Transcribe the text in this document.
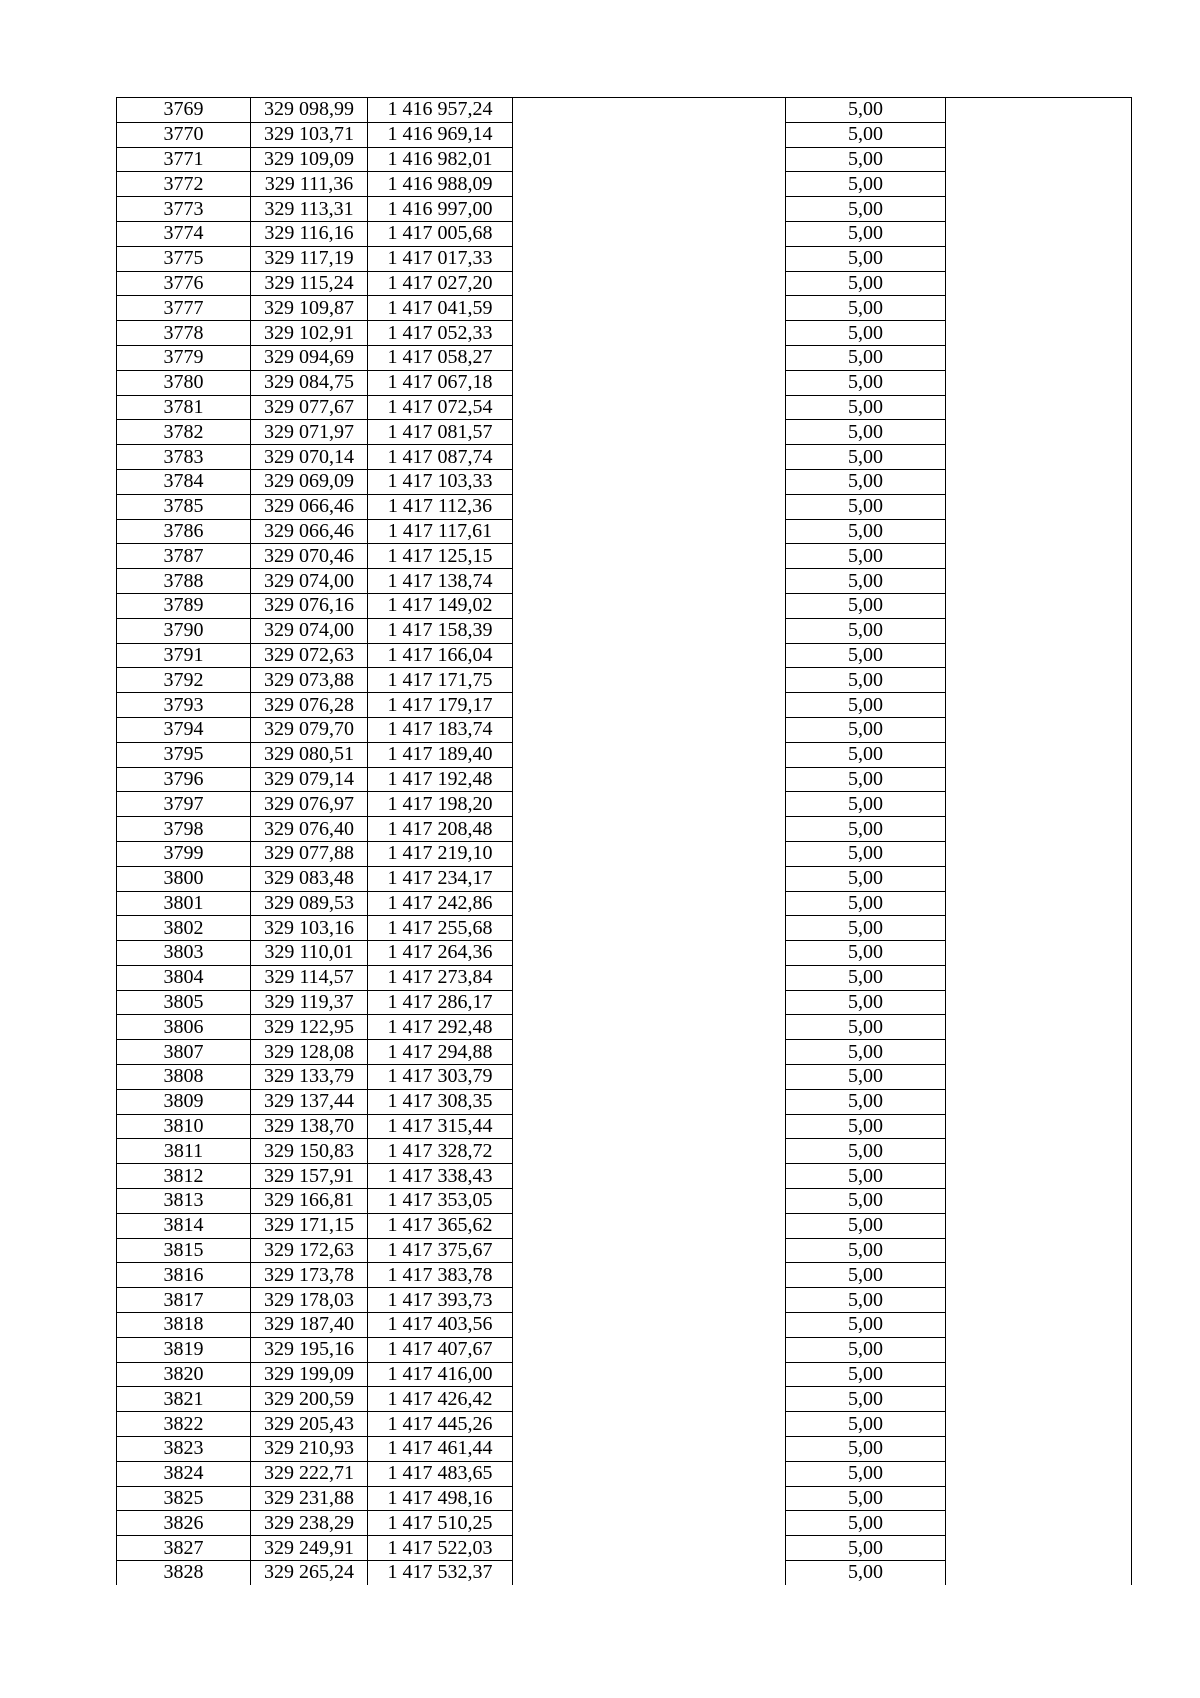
3769	329 098,99	1 416 957,24		5,00	
3770	329 103,71	1 416 969,14		5,00	
3771	329 109,09	1 416 982,01		5,00	
3772	329 111,36	1 416 988,09		5,00	
3773	329 113,31	1 416 997,00		5,00	
3774	329 116,16	1 417 005,68		5,00	
3775	329 117,19	1 417 017,33		5,00	
3776	329 115,24	1 417 027,20		5,00	
3777	329 109,87	1 417 041,59		5,00	
3778	329 102,91	1 417 052,33		5,00	
3779	329 094,69	1 417 058,27		5,00	
3780	329 084,75	1 417 067,18		5,00	
3781	329 077,67	1 417 072,54		5,00	
3782	329 071,97	1 417 081,57		5,00	
3783	329 070,14	1 417 087,74		5,00	
3784	329 069,09	1 417 103,33		5,00	
3785	329 066,46	1 417 112,36		5,00	
3786	329 066,46	1 417 117,61		5,00	
3787	329 070,46	1 417 125,15		5,00	
3788	329 074,00	1 417 138,74		5,00	
3789	329 076,16	1 417 149,02		5,00	
3790	329 074,00	1 417 158,39		5,00	
3791	329 072,63	1 417 166,04		5,00	
3792	329 073,88	1 417 171,75		5,00	
3793	329 076,28	1 417 179,17		5,00	
3794	329 079,70	1 417 183,74		5,00	
3795	329 080,51	1 417 189,40		5,00	
3796	329 079,14	1 417 192,48		5,00	
3797	329 076,97	1 417 198,20		5,00	
3798	329 076,40	1 417 208,48		5,00	
3799	329 077,88	1 417 219,10		5,00	
3800	329 083,48	1 417 234,17		5,00	
3801	329 089,53	1 417 242,86		5,00	
3802	329 103,16	1 417 255,68		5,00	
3803	329 110,01	1 417 264,36		5,00	
3804	329 114,57	1 417 273,84		5,00	
3805	329 119,37	1 417 286,17		5,00	
3806	329 122,95	1 417 292,48		5,00	
3807	329 128,08	1 417 294,88		5,00	
3808	329 133,79	1 417 303,79		5,00	
3809	329 137,44	1 417 308,35		5,00	
3810	329 138,70	1 417 315,44		5,00	
3811	329 150,83	1 417 328,72		5,00	
3812	329 157,91	1 417 338,43		5,00	
3813	329 166,81	1 417 353,05		5,00	
3814	329 171,15	1 417 365,62		5,00	
3815	329 172,63	1 417 375,67		5,00	
3816	329 173,78	1 417 383,78		5,00	
3817	329 178,03	1 417 393,73		5,00	
3818	329 187,40	1 417 403,56		5,00	
3819	329 195,16	1 417 407,67		5,00	
3820	329 199,09	1 417 416,00		5,00	
3821	329 200,59	1 417 426,42		5,00	
3822	329 205,43	1 417 445,26		5,00	
3823	329 210,93	1 417 461,44		5,00	
3824	329 222,71	1 417 483,65		5,00	
3825	329 231,88	1 417 498,16		5,00	
3826	329 238,29	1 417 510,25		5,00	
3827	329 249,91	1 417 522,03		5,00	
3828	329 265,24	1 417 532,37		5,00	
